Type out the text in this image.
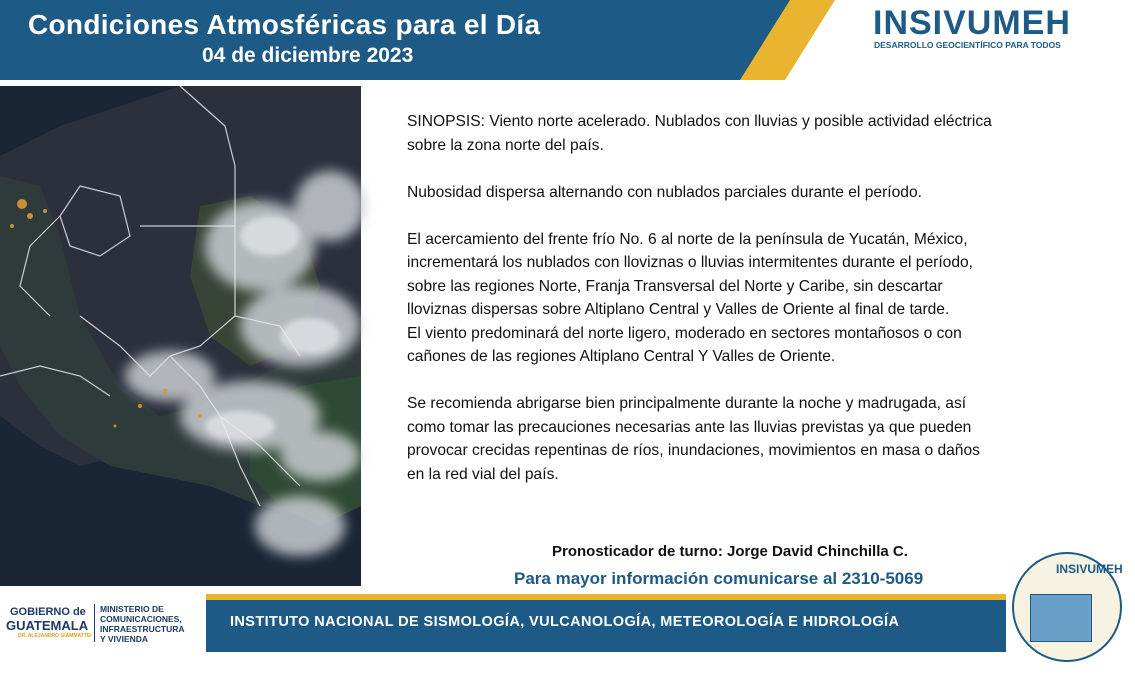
Condiciones Atmosféricas para el Día
04 de diciembre 2023
INSIVUMEH
DESARROLLO GEOCIENTÍFICO PARA TODOS

SINOPSIS: Viento norte acelerado. Nublados con lluvias y posible actividad eléctrica

sobre la zona norte del país.

Nubosidad dispersa alternando con nublados parciales durante el período.

El acercamiento del frente frío No. 6 al norte de la península de Yucatán, México,

incrementará los nublados con lloviznas o lluvias intermitentes durante el período,

sobre las regiones Norte, Franja Transversal del Norte y Caribe, sin descartar

lloviznas dispersas sobre Altiplano Central y Valles de Oriente al final de tarde.

El viento predominará del norte ligero, moderado en sectores montañosos o con

cañones de las regiones Altiplano Central Y Valles de Oriente.

Se recomienda abrigarse bien principalmente durante la noche y madrugada, así

como tomar las precauciones necesarias ante las lluvias previstas ya que pueden

provocar crecidas repentinas de ríos, inundaciones, movimientos en masa o daños

en la red vial del país.

Pronosticador de turno: Jorge David Chinchilla C.
Para mayor información comunicarse al 2310-5069
GOBIERNO de
GUATEMALA
DR. ALEJANDRO GIAMMATTEI
MINISTERIO DE
COMUNICACIONES,
INFRAESTRUCTURA
Y VIVIENDA
INSTITUTO NACIONAL DE SISMOLOGÍA, VULCANOLOGÍA, METEOROLOGÍA E HIDROLOGÍA
INSIVUMEH
